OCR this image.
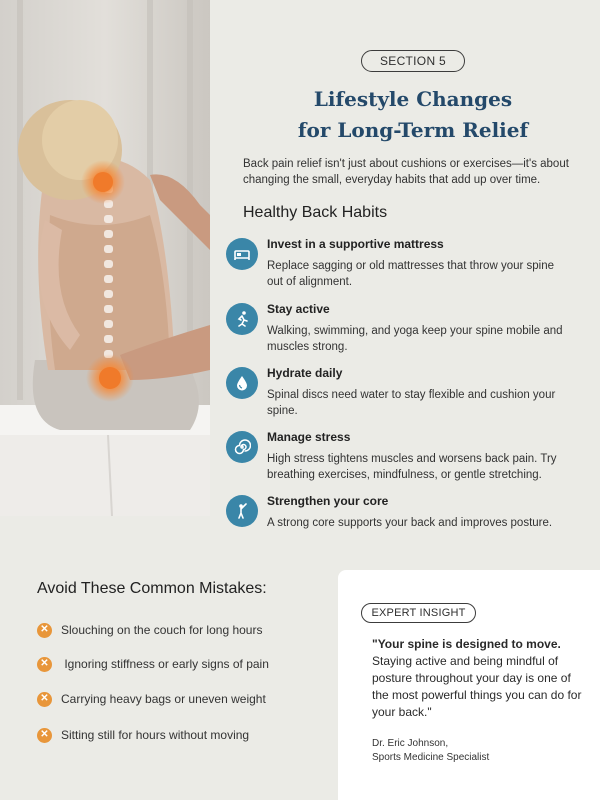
SECTION 5
Lifestyle Changes
for Long-Term Relief

Back pain relief isn't just about cushions or exercises—it's about changing the small, everyday habits that add up over time.

Healthy Back Habits
Invest in a supportive mattress
Replace sagging or old mattresses that throw your spine out of alignment.
Stay active
Walking, swimming, and yoga keep your spine mobile and muscles strong.
Hydrate daily
Spinal discs need water to stay flexible and cushion your spine.
Manage stress
High stress tightens muscles and worsens back pain. Try breathing exercises, mindfulness, or gentle stretching.
Strengthen your core
A strong core supports your back and improves posture.
Avoid These Common Mistakes:
✕ Slouching on the couch for long hours
✕ Ignoring stiffness or early signs of pain
✕ Carrying heavy bags or uneven weight
✕ Sitting still for hours without moving
EXPERT INSIGHT

"Your spine is designed to move. Staying active and being mindful of posture throughout your day is one of the most powerful things you can do for your back."

Dr. Eric Johnson,
Sports Medicine Specialist
